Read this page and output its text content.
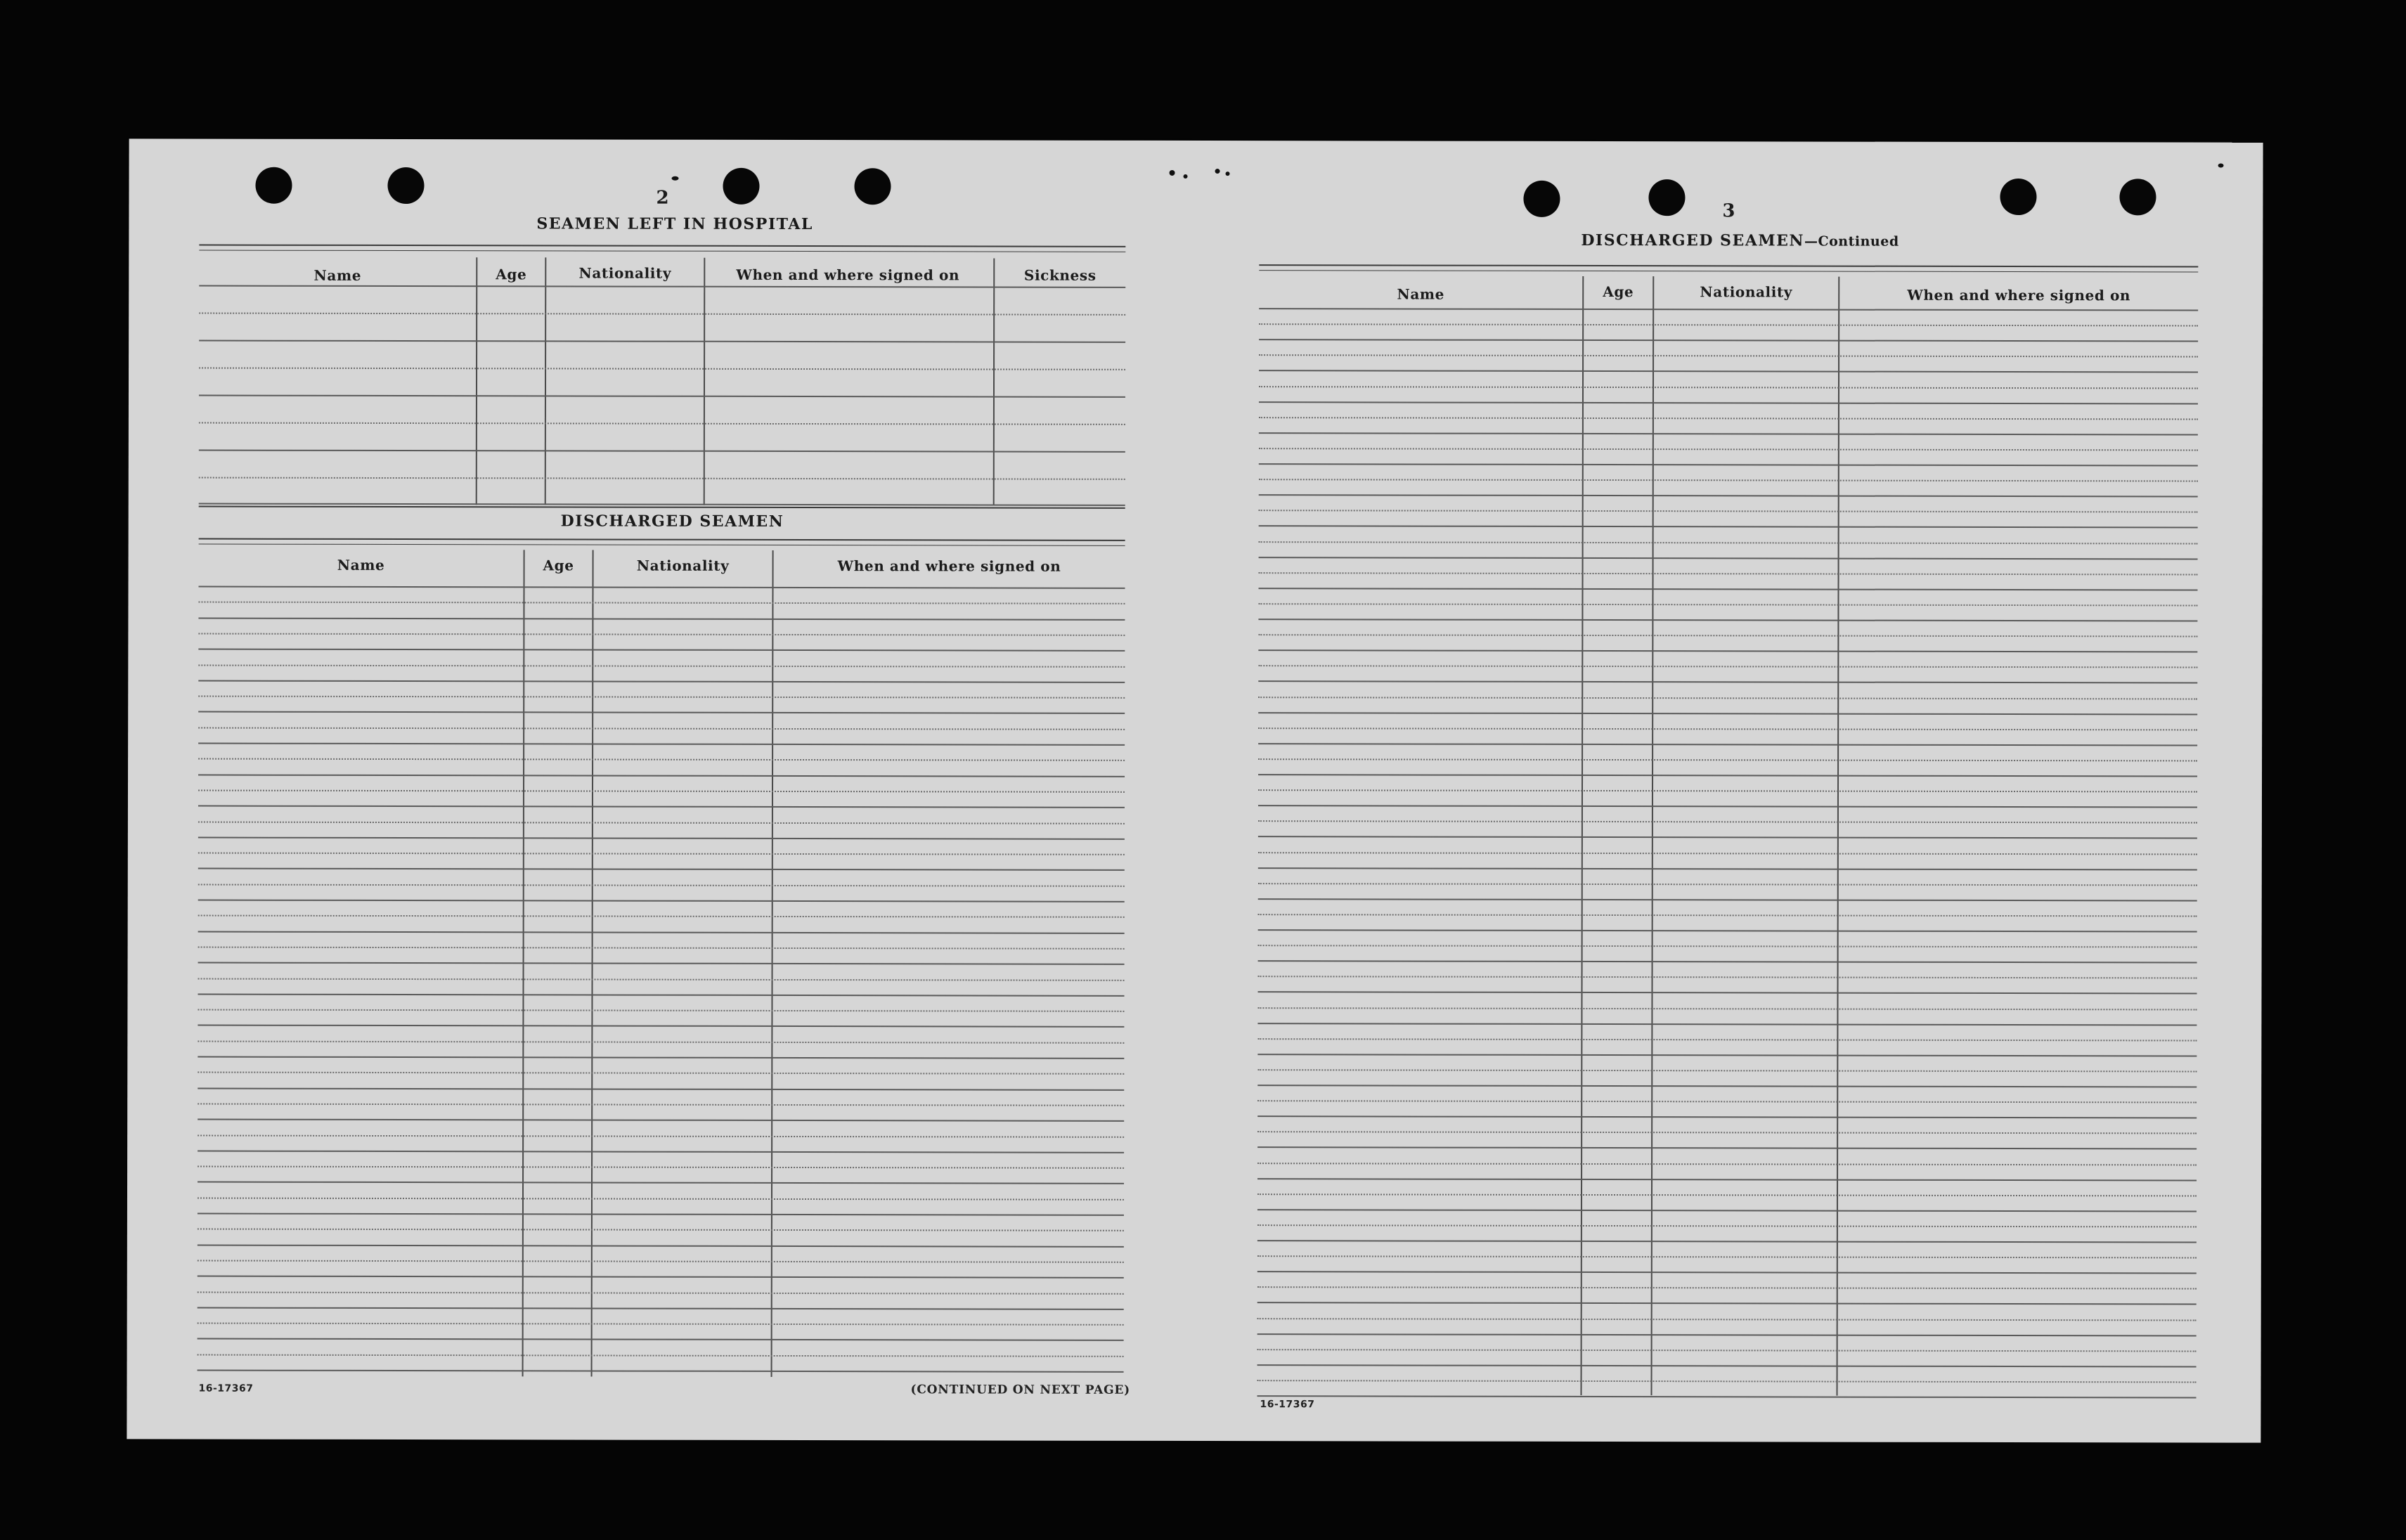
2
SEAMEN LEFT IN HOSPITAL
Name	Age	Nationality	When and where signed on	Sickness
DISCHARGED SEAMEN
Name	Age	Nationality	When and where signed on
16-17367	(CONTINUED ON NEXT PAGE)
3
DISCHARGED SEAMEN—Continued
Name	Age	Nationality	When and where signed on
16-17367
